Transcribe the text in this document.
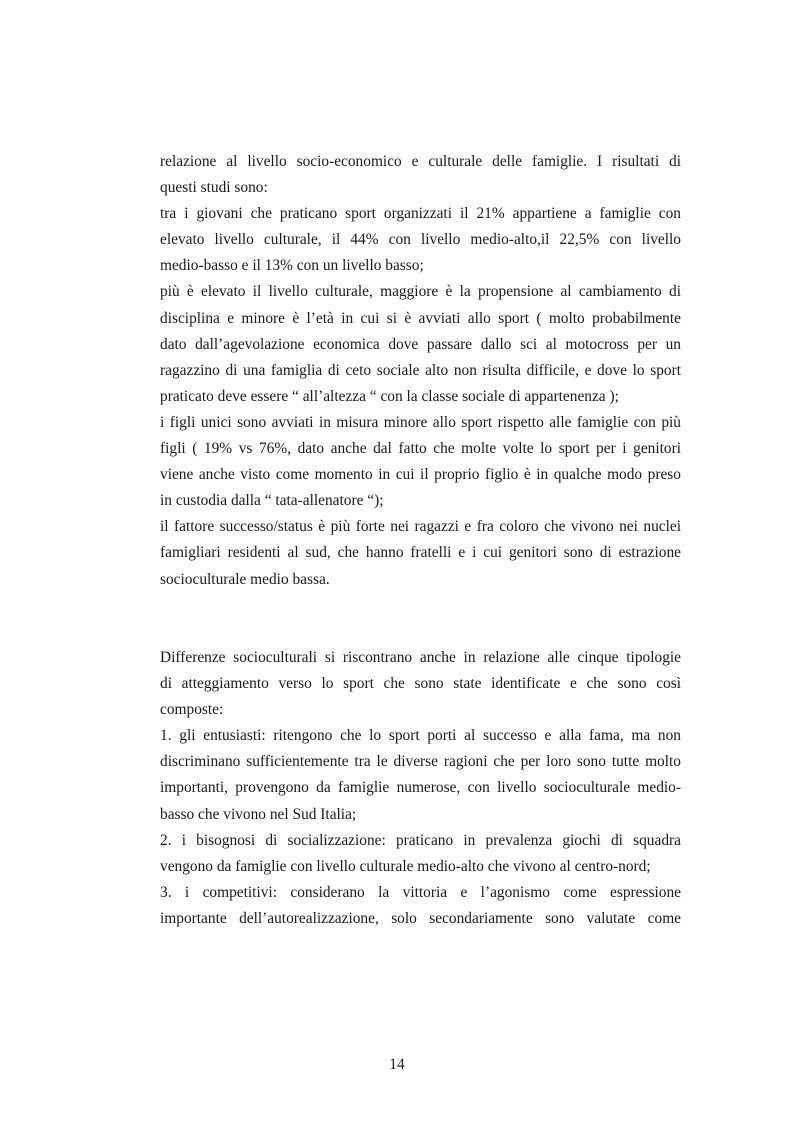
relazione al livello socio-economico e culturale delle famiglie. I risultati di
questi studi sono:
tra i giovani che praticano sport organizzati il 21% appartiene a famiglie con
elevato livello culturale, il 44% con livello medio-alto,il 22,5% con livello
medio-basso e il 13% con un livello basso;
più è elevato il livello culturale, maggiore è la propensione al cambiamento di
disciplina e minore è l’età in cui si è avviati allo sport ( molto probabilmente
dato dall’agevolazione economica dove passare dallo sci al motocross per un
ragazzino di una famiglia di ceto sociale alto non risulta difficile, e dove lo sport
praticato deve essere “ all’altezza “ con la classe sociale di appartenenza );
i figli unici sono avviati in misura minore allo sport rispetto alle famiglie con più
figli ( 19% vs 76%, dato anche dal fatto che molte volte lo sport per i genitori
viene anche visto come momento in cui il proprio figlio è in qualche modo preso
in custodia dalla “ tata-allenatore “);
il fattore successo/status è più forte nei ragazzi e fra coloro che vivono nei nuclei
famigliari residenti al sud, che hanno fratelli e i cui genitori sono di estrazione
socioculturale medio bassa.
Differenze socioculturali si riscontrano anche in relazione alle cinque tipologie
di atteggiamento verso lo sport che sono state identificate e che sono così
composte:
1. gli entusiasti: ritengono che lo sport porti al successo e alla fama, ma non
discriminano sufficientemente tra le diverse ragioni che per loro sono tutte molto
importanti, provengono da famiglie numerose, con livello socioculturale medio-
basso che vivono nel Sud Italia;
2. i bisognosi di socializzazione: praticano in prevalenza giochi di squadra
vengono da famiglie con livello culturale medio-alto che vivono al centro-nord;
3. i competitivi: considerano la vittoria e l’agonismo come espressione
importante dell’autorealizzazione, solo secondariamente sono valutate come
14
